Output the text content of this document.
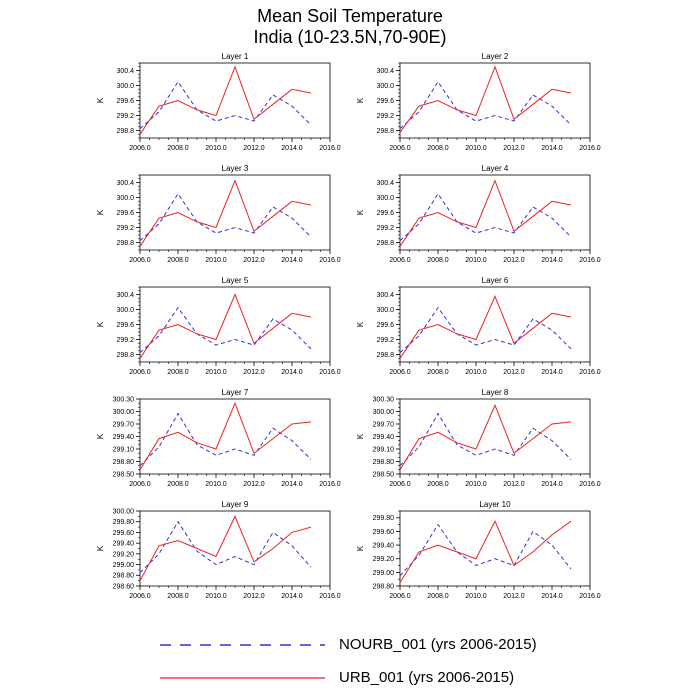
Mean Soil Temperature
India (10-23.5N,70-90E)
Layer 1
K
2006.0 2008.0 2010.0 2012.0 2014.0 2016.0
298.8
299.2
299.6
300.0
300.4
Layer 2
K
2006.0 2008.0 2010.0 2012.0 2014.0 2016.0
298.8
299.2
299.6
300.0
300.4
Layer 3
K
2006.0 2008.0 2010.0 2012.0 2014.0 2016.0
298.8
299.2
299.6
300.0
300.4
Layer 4
K
2006.0 2008.0 2010.0 2012.0 2014.0 2016.0
298.8
299.2
299.6
300.0
300.4
Layer 5
K
2006.0 2008.0 2010.0 2012.0 2014.0 2016.0
298.8
299.2
299.6
300.0
300.4
Layer 6
K
2006.0 2008.0 2010.0 2012.0 2014.0 2016.0
298.8
299.2
299.6
300.0
300.4
Layer 7
K
2006.0 2008.0 2010.0 2012.0 2014.0 2016.0
298.50
298.80
299.10
299.40
299.70
300.00
300.30
Layer 8
K
2006.0 2008.0 2010.0 2012.0 2014.0 2016.0
298.50
298.80
299.10
299.40
299.70
300.00
300.30
Layer 9
K
2006.0 2008.0 2010.0 2012.0 2014.0 2016.0
298.60
298.80
299.00
299.20
299.40
299.60
299.80
300.00
Layer 10
K
2006.0 2008.0 2010.0 2012.0 2014.0 2016.0
298.80
299.00
299.20
299.40
299.60
299.80
NOURB_001 (yrs 2006-2015)
URB_001 (yrs 2006-2015)
